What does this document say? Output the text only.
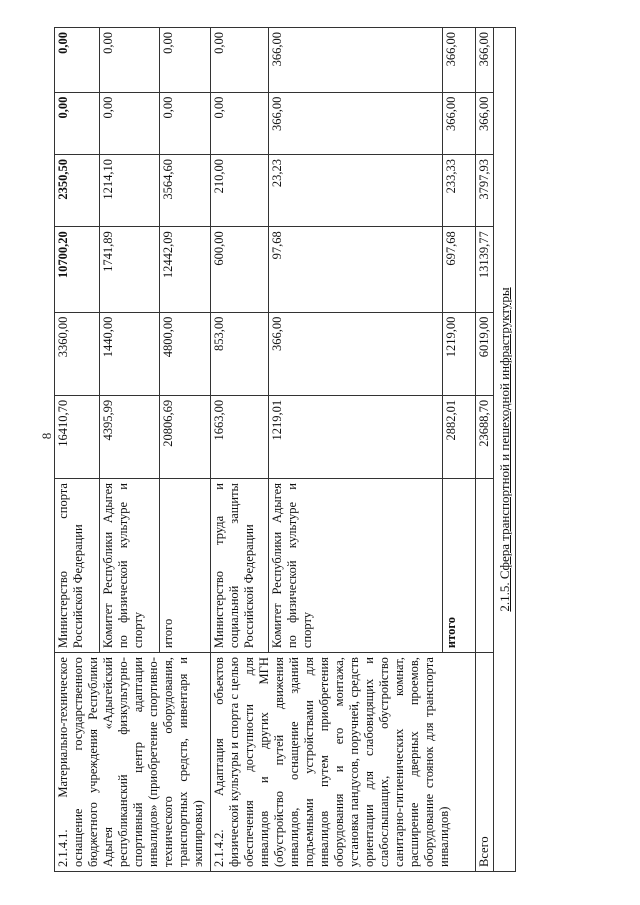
8
2.1.4.1. Материально-техническое оснащение государственного бюджетного учреждения Республики Адыгея «Адыгейский республиканский физкультурно-спортивный центр адаптации инвалидов» (приобретение спортивно-технического оборудования, транспортных средств, инвентаря и экипировки)	Министерство спорта Российской Федерации	16410,70	3360,00	10700,20	2350,50	0,00	0,00
	Комитет Республики Адыгея по физической культуре и спорту	4395,99	1440,00	1741,89	1214,10	0,00	0,00
	итого	20806,69	4800,00	12442,09	3564,60	0,00	0,00
2.1.4.2. Адаптация объектов физической культуры и спорта с целью обеспечения доступности для инвалидов и других МГН (обустройство путей движения инвалидов, оснащение зданий подъемными устройствами для инвалидов путем приобретения оборудования и его монтажа, установка пандусов, поручней, средств ориентации для слабовидящих и слабослышащих, обустройство санитарно-гигиенических комнат, расширение дверных проемов, оборудование стоянок для транспорта инвалидов)	Министерство труда и социальной защиты Российской Федерации	1663,00	853,00	600,00	210,00	0,00	0,00
	Комитет Республики Адыгея по физической культуре и спорту	1219,01	366,00	97,68	23,23	366,00	366,00
	итого	2882,01	1219,00	697,68	233,33	366,00	366,00
Всего		23688,70	6019,00	13139,77	3797,93	366,00	366,00
2.1.5. Сфера транспортной и пешеходной инфраструктуры
